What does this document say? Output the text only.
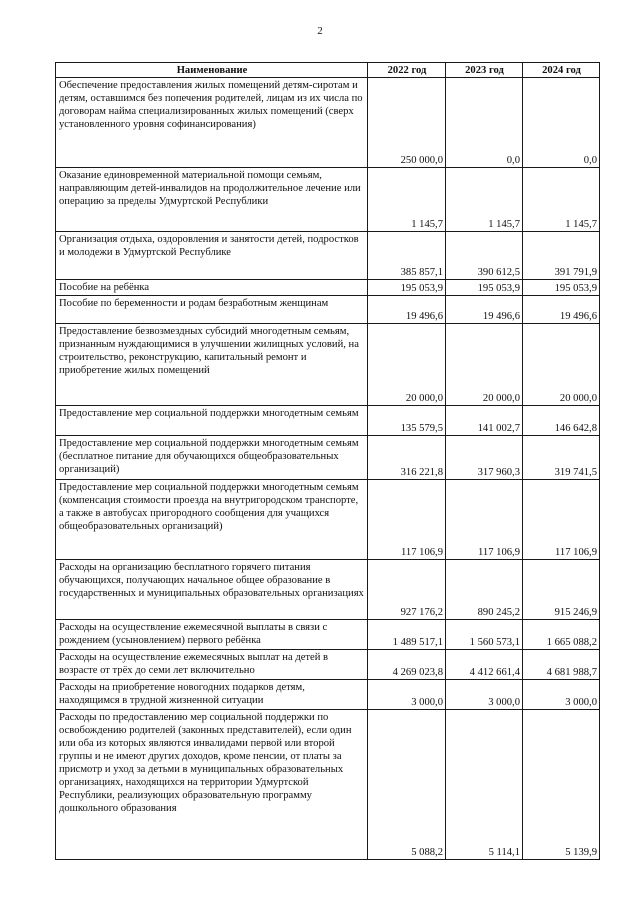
2
Наименование	2022 год	2023 год	2024 год
Обеспечение предоставления жилых помещений детям-сиротам и детям, оставшимся без попечения родителей, лицам из их числа по договорам найма специализированных жилых помещений (сверх установленного уровня софинансирования)	250 000,0	0,0	0,0
Оказание единовременной материальной помощи семьям, направляющим детей-инвалидов на продолжительное лечение или операцию за пределы Удмуртской Республики	1 145,7	1 145,7	1 145,7
Организация отдыха, оздоровления и занятости детей, подростков и молодежи в Удмуртской Республике	385 857,1	390 612,5	391 791,9
Пособие на ребёнка	195 053,9	195 053,9	195 053,9
Пособие по беременности и родам безработным женщинам	19 496,6	19 496,6	19 496,6
Предоставление безвозмездных субсидий многодетным семьям, признанным нуждающимися в улучшении жилищных условий, на строительство, реконструкцию, капитальный ремонт и приобретение жилых помещений	20 000,0	20 000,0	20 000,0
Предоставление мер социальной поддержки многодетным семьям	135 579,5	141 002,7	146 642,8
Предоставление мер социальной поддержки многодетным семьям (бесплатное питание для обучающихся общеобразовательных организаций)	316 221,8	317 960,3	319 741,5
Предоставление мер социальной поддержки многодетным семьям (компенсация стоимости проезда на внутригородском транспорте, а также в автобусах пригородного сообщения для учащихся общеобразовательных организаций)	117 106,9	117 106,9	117 106,9
Расходы на организацию бесплатного горячего питания обучающихся, получающих начальное общее образование в государственных и муниципальных образовательных организациях	927 176,2	890 245,2	915 246,9
Расходы на осуществление ежемесячной выплаты в связи с рождением (усыновлением) первого ребёнка	1 489 517,1	1 560 573,1	1 665 088,2
Расходы на осуществление ежемесячных выплат на детей в возрасте от трёх до семи лет включительно	4 269 023,8	4 412 661,4	4 681 988,7
Расходы на приобретение новогодних подарков детям, находящимся в трудной жизненной ситуации	3 000,0	3 000,0	3 000,0
Расходы по предоставлению мер социальной поддержки по освобождению родителей (законных представителей), если один или оба из которых являются инвалидами первой или второй группы и не имеют других доходов, кроме пенсии, от платы за присмотр и уход за детьми в муниципальных образовательных организациях, находящихся на территории Удмуртской Республики, реализующих образовательную программу дошкольного образования	5 088,2	5 114,1	5 139,9
